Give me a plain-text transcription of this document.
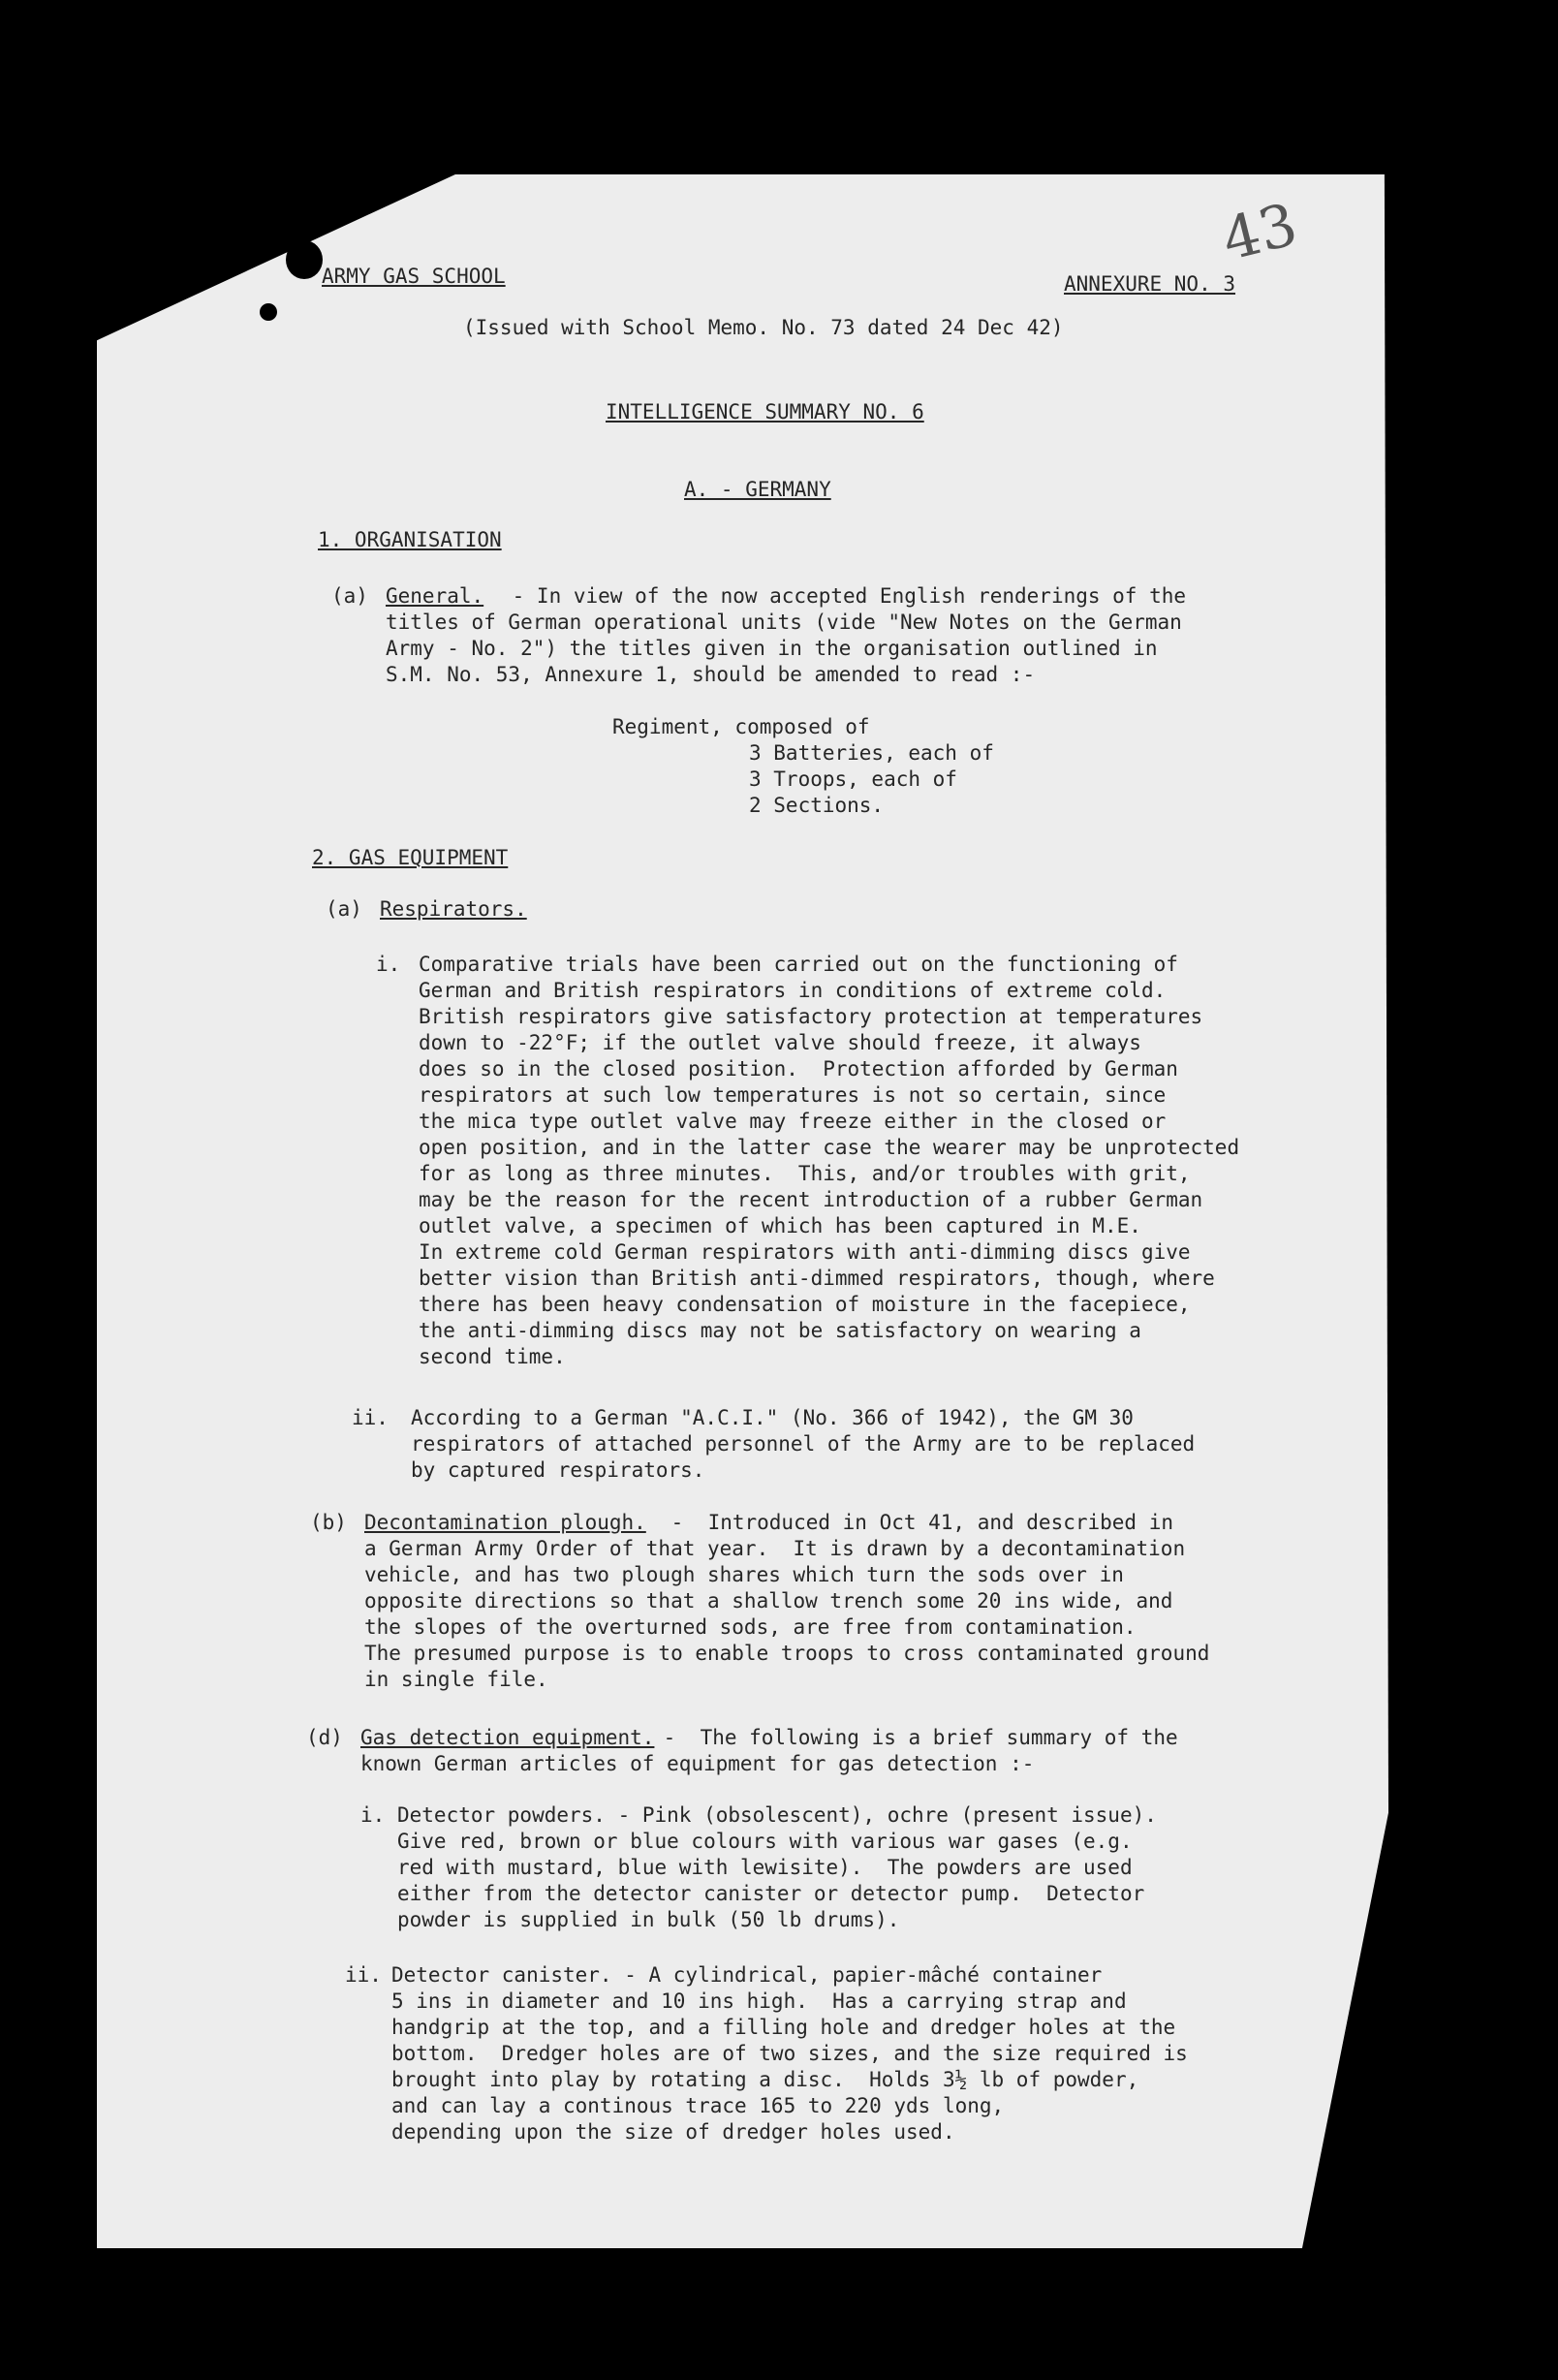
43
ARMY GAS SCHOOL	ANNEXURE NO. 3
(Issued with School Memo. No. 73 dated 24 Dec 42)
INTELLIGENCE SUMMARY NO. 6
A. - GERMANY
1. ORGANISATION
(a) General. - In view of the now accepted English renderings of the
titles of German operational units (vide "New Notes on the German
Army - No. 2") the titles given in the organisation outlined in
S.M. No. 53, Annexure 1, should be amended to read :-
Regiment, composed of
3 Batteries, each of
3 Troops, each of
2 Sections.
2. GAS EQUIPMENT
(a) Respirators.
i. Comparative trials have been carried out on the functioning of
German and British respirators in conditions of extreme cold.
British respirators give satisfactory protection at temperatures
down to -22°F; if the outlet valve should freeze, it always
does so in the closed position.  Protection afforded by German
respirators at such low temperatures is not so certain, since
the mica type outlet valve may freeze either in the closed or
open position, and in the latter case the wearer may be unprotected
for as long as three minutes.  This, and/or troubles with grit,
may be the reason for the recent introduction of a rubber German
outlet valve, a specimen of which has been captured in M.E.
In extreme cold German respirators with anti-dimming discs give
better vision than British anti-dimmed respirators, though, where
there has been heavy condensation of moisture in the facepiece,
the anti-dimming discs may not be satisfactory on wearing a
second time.
ii. According to a German "A.C.I." (No. 366 of 1942), the GM 30
respirators of attached personnel of the Army are to be replaced
by captured respirators.
(b) Decontamination plough. -  Introduced in Oct 41, and described in
a German Army Order of that year.  It is drawn by a decontamination
vehicle, and has two plough shares which turn the sods over in
opposite directions so that a shallow trench some 20 ins wide, and
the slopes of the overturned sods, are free from contamination.
The presumed purpose is to enable troops to cross contaminated ground
in single file.
(d) Gas detection equipment.
-  The following is a brief summary of the
known German articles of equipment for gas detection :-
i. Detector powders. - Pink (obsolescent), ochre (present issue).
Give red, brown or blue colours with various war gases (e.g.
red with mustard, blue with lewisite).  The powders are used
either from the detector canister or detector pump.  Detector
powder is supplied in bulk (50 lb drums).
ii. Detector canister. - A cylindrical, papier-mâché container
5 ins in diameter and 10 ins high.  Has a carrying strap and
handgrip at the top, and a filling hole and dredger holes at the
bottom.  Dredger holes are of two sizes, and the size required is
brought into play by rotating a disc.  Holds 3½ lb of powder,
and can lay a continous trace 165 to 220 yds long,
depending upon the size of dredger holes used.
